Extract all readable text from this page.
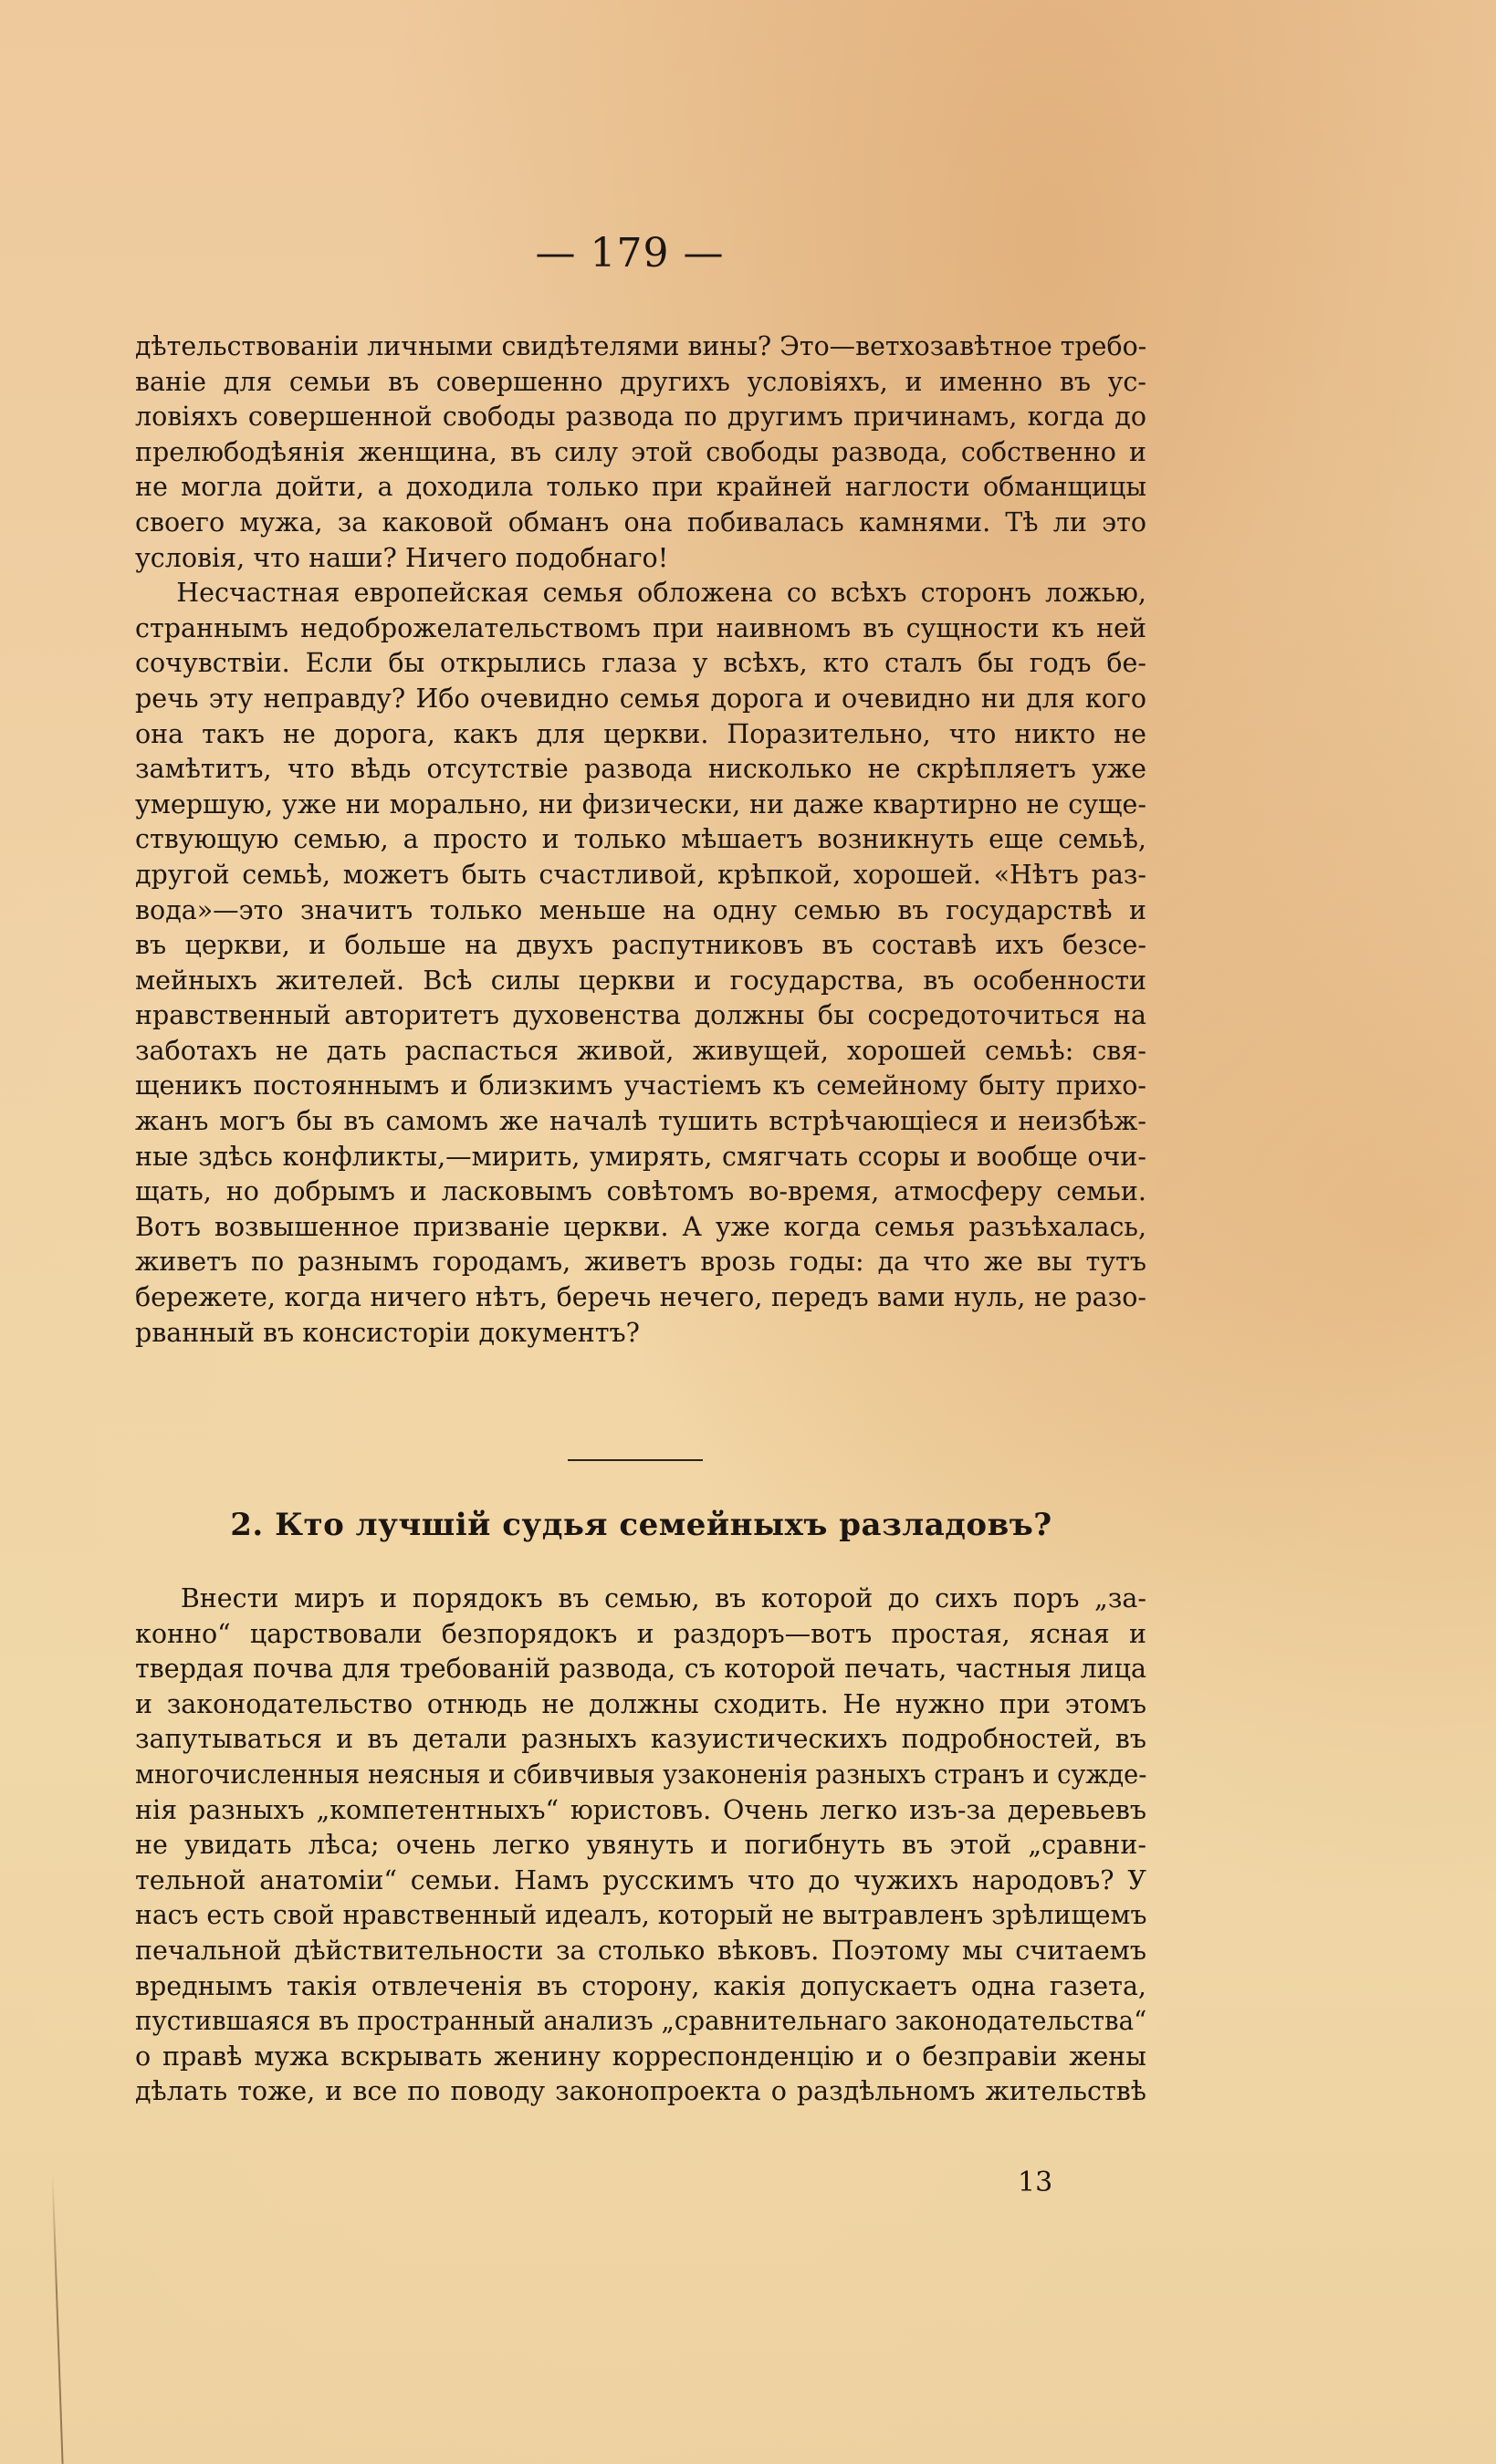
— 179 —
дѣтельствованіи личными свидѣтелями вины? Это—ветхозавѣтное требо-
ваніе для семьи въ совершенно другихъ условіяхъ, и именно въ ус-
ловіяхъ совершенной свободы развода по другимъ причинамъ, когда до
прелюбодѣянія женщина, въ силу этой свободы развода, собственно и
не могла дойти, а доходила только при крайней наглости обманщицы
своего мужа, за каковой обманъ она побивалась камнями. Тѣ ли это
условія, что наши? Ничего подобнаго!
Несчастная европейская семья обложена со всѣхъ сторонъ ложью,
страннымъ недоброжелательствомъ при наивномъ въ сущности къ ней
сочувствіи. Если бы открылись глаза у всѣхъ, кто сталъ бы годъ бе-
речь эту неправду? Ибо очевидно семья дорога и очевидно ни для кого
она такъ не дорога, какъ для церкви. Поразительно, что никто не
замѣтитъ, что вѣдь отсутствіе развода нисколько не скрѣпляетъ уже
умершую, уже ни морально, ни физически, ни даже квартирно не суще-
ствующую семью, а просто и только мѣшаетъ возникнуть еще семьѣ,
другой семьѣ, можетъ быть счастливой, крѣпкой, хорошей. «Нѣтъ раз-
вода»—это значитъ только меньше на одну семью въ государствѣ и
въ церкви, и больше на двухъ распутниковъ въ составѣ ихъ безсе-
мейныхъ жителей. Всѣ силы церкви и государства, въ особенности
нравственный авторитетъ духовенства должны бы сосредоточиться на
заботахъ не дать распасться живой, живущей, хорошей семьѣ: свя-
щеникъ постояннымъ и близкимъ участіемъ къ семейному быту прихо-
жанъ могъ бы въ самомъ же началѣ тушить встрѣчающіеся и неизбѣж-
ные здѣсь конфликты,—мирить, умирять, смягчать ссоры и вообще очи-
щать, но добрымъ и ласковымъ совѣтомъ во-время, атмосферу семьи.
Вотъ возвышенное призваніе церкви. А уже когда семья разъѣхалась,
живетъ по разнымъ городамъ, живетъ врозь годы: да что же вы тутъ
бережете, когда ничего нѣтъ, беречь нечего, передъ вами нуль, не разо-
рванный въ консисторіи документъ?
2. Кто лучшій судья семейныхъ разладовъ?
Внести миръ и порядокъ въ семью, въ которой до сихъ поръ „за-
конно“ царствовали безпорядокъ и раздоръ—вотъ простая, ясная и
твердая почва для требованій развода, съ которой печать, частныя лица
и законодательство отнюдь не должны сходить. Не нужно при этомъ
запутываться и въ детали разныхъ казуистическихъ подробностей, въ
многочисленныя неясныя и сбивчивыя узаконенія разныхъ странъ и сужде-
нія разныхъ „компетентныхъ“ юристовъ. Очень легко изъ-за деревьевъ
не увидать лѣса; очень легко увянуть и погибнуть въ этой „сравни-
тельной анатоміи“ семьи. Намъ русскимъ что до чужихъ народовъ? У
насъ есть свой нравственный идеалъ, который не вытравленъ зрѣлищемъ
печальной дѣйствительности за столько вѣковъ. Поэтому мы считаемъ
вреднымъ такія отвлеченія въ сторону, какія допускаетъ одна газета,
пустившаяся въ пространный анализъ „сравнительнаго законодательства“
о правѣ мужа вскрывать женину корреспонденцію и о безправіи жены
дѣлать тоже, и все по поводу законопроекта о раздѣльномъ жительствѣ
13
